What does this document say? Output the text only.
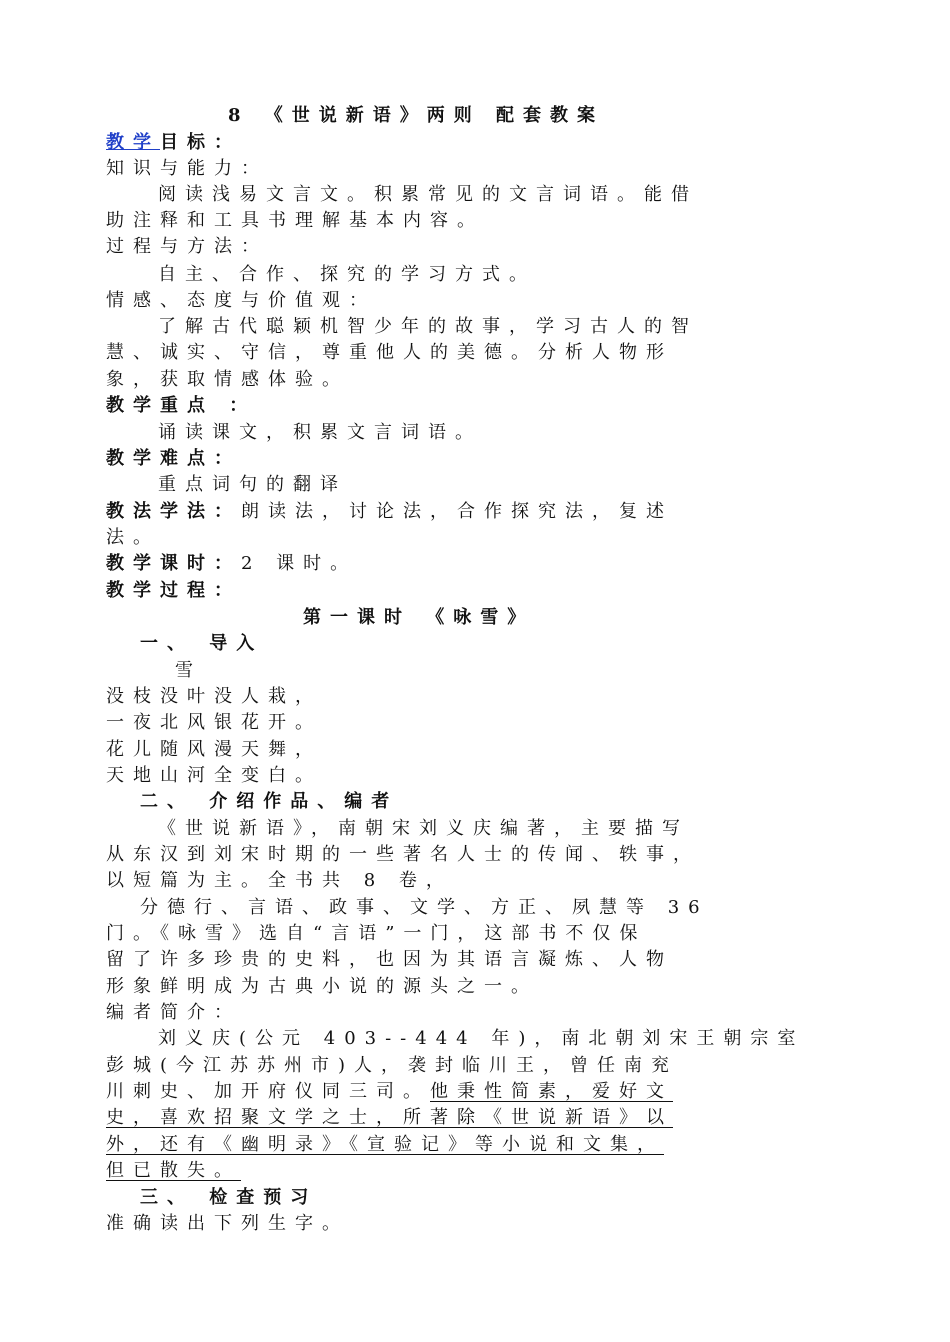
8 《世说新语》两则 配套教案
教学目标：
知识与能力：
阅读浅易文言文。积累常见的文言词语。能借
助注释和工具书理解基本内容。
过程与方法：
自主、合作、探究的学习方式。
情感、态度与价值观：
了解古代聪颖机智少年的故事，学习古人的智
慧、诚实、守信，尊重他人的美德。分析人物形
象，获取情感体验。
教学重点 ：
诵读课文，积累文言词语。
教学难点：
重点词句的翻译
教法学法：朗读法，讨论法，合作探究法，复述
法。
教学课时：2 课时。
教学过程：
第一课时 《咏雪》
一、 导入
雪
没枝没叶没人栽，
一夜北风银花开。
花儿随风漫天舞，
天地山河全变白。
二、 介绍作品、编者
《世说新语》，南朝宋刘义庆编著，主要描写
从东汉到刘宋时期的一些著名人士的传闻、轶事，
以短篇为主。全书共 8 卷，
分德行、言语、政事、文学、方正、夙慧等 36
门。《咏雪》选自“言语”一门，这部书不仅保
留了许多珍贵的史料，也因为其语言凝炼、人物
形象鲜明成为古典小说的源头之一。
编者简介：
刘义庆(公元 403--444 年)，南北朝刘宋王朝宗室
彭城(今江苏苏州市)人，袭封临川王，曾任南兖
川刺史、加开府仪同三司。他秉性简素，爱好文
史，喜欢招聚文学之士，所著除《世说新语》以
外，还有《幽明录》《宣验记》等小说和文集，
但已散失。
三、 检查预习
准确读出下列生字。
